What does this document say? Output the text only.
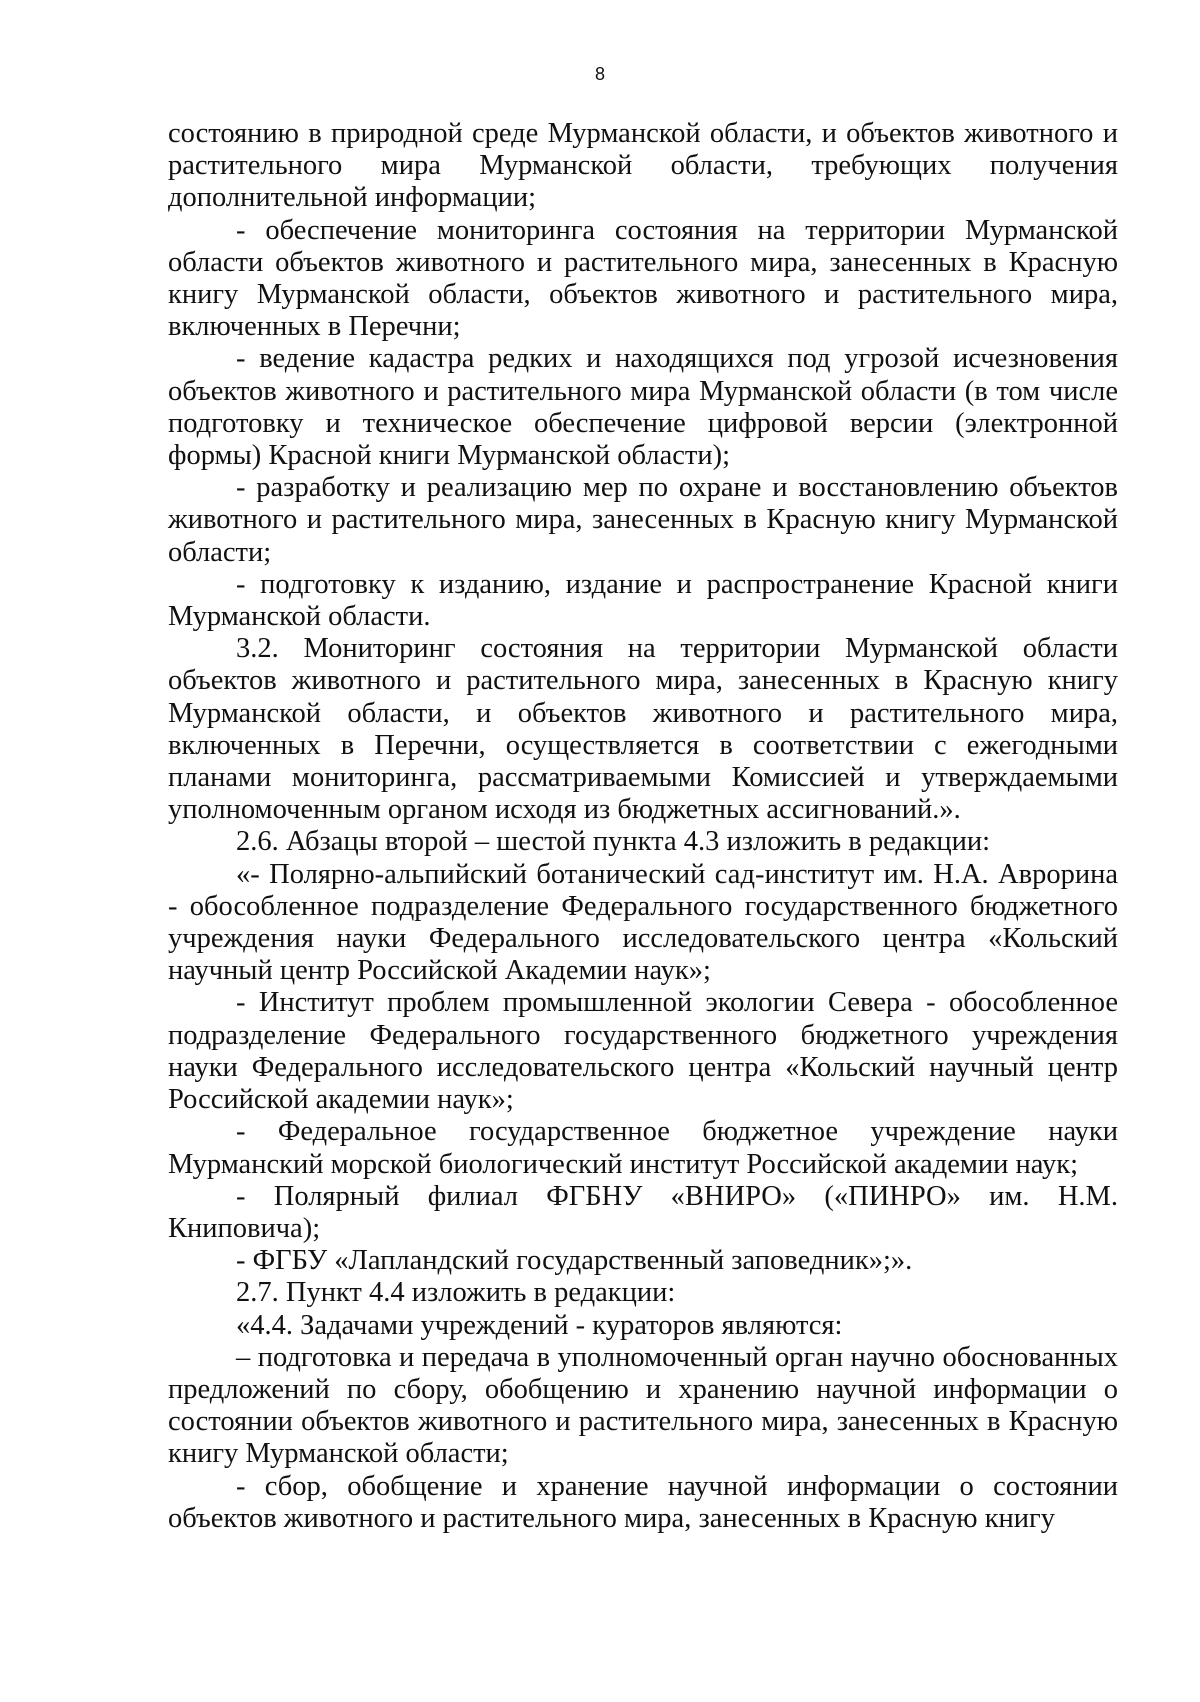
8

состоянию в природной среде Мурманской области, и объектов животного и растительного мира Мурманской области, требующих получения дополнительной информации;

- обеспечение мониторинга состояния на территории Мурманской области объектов животного и растительного мира, занесенных в Красную книгу Мурманской области, объектов животного и растительного мира, включенных в Перечни;

- ведение кадастра редких и находящихся под угрозой исчезновения объектов животного и растительного мира Мурманской области (в том числе подготовку и техническое обеспечение цифровой версии (электронной формы) Красной книги Мурманской области);

- разработку и реализацию мер по охране и восстановлению объектов животного и растительного мира, занесенных в Красную книгу Мурманской области;

- подготовку к изданию, издание и распространение Красной книги Мурманской области.

3.2. Мониторинг состояния на территории Мурманской области объектов животного и растительного мира, занесенных в Красную книгу Мурманской области, и объектов животного и растительного мира, включенных в Перечни, осуществляется в соответствии с ежегодными планами мониторинга, рассматриваемыми Комиссией и утверждаемыми уполномоченным органом исходя из бюджетных ассигнований.».

2.6. Абзацы второй – шестой пункта 4.3 изложить в редакции:

«- Полярно-альпийский ботанический сад-институт им. Н.А. Аврорина - обособленное подразделение Федерального государственного бюджетного учреждения науки Федерального исследовательского центра «Кольский научный центр Российской Академии наук»;

- Институт проблем промышленной экологии Севера - обособленное подразделение Федерального государственного бюджетного учреждения науки Федерального исследовательского центра «Кольский научный центр Российской академии наук»;

- Федеральное государственное бюджетное учреждение науки Мурманский морской биологический институт Российской академии наук;

- Полярный филиал ФГБНУ «ВНИРО» («ПИНРО» им. Н.М. Книповича);

- ФГБУ «Лапландский государственный заповедник»;».

2.7. Пункт 4.4 изложить в редакции:

«4.4. Задачами учреждений - кураторов являются:

– подготовка и передача в уполномоченный орган научно обоснованных предложений по сбору, обобщению и хранению научной информации о состоянии объектов животного и растительного мира, занесенных в Красную книгу Мурманской области;

- сбор, обобщение и хранение научной информации о состоянии объектов животного и растительного мира, занесенных в Красную книгу
